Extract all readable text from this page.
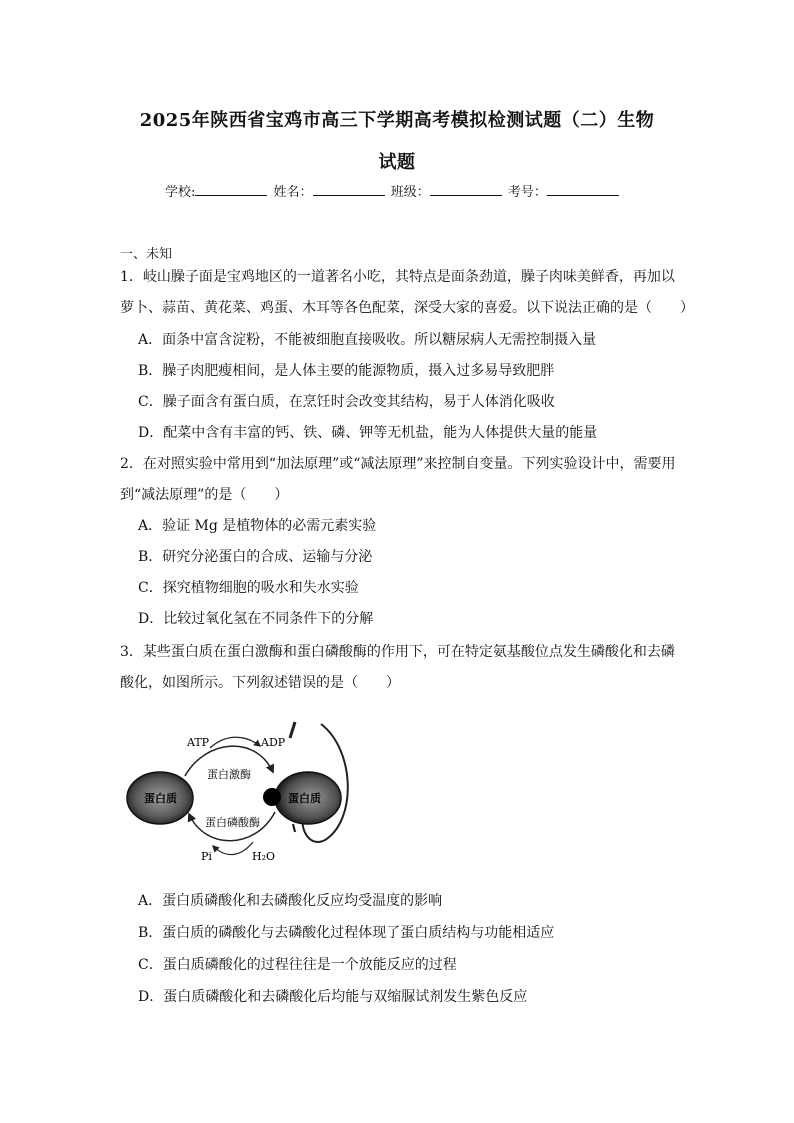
2025年陕西省宝鸡市高三下学期高考模拟检测试题（二）生物
试题
学校:	姓名：	班级：	考号：
一、未知
1．岐山臊子面是宝鸡地区的一道著名小吃，其特点是面条劲道，臊子肉味美鲜香，再加以
萝卜、蒜苗、黄花菜、鸡蛋、木耳等各色配菜，深受大家的喜爱。以下说法正确的是（　　）
A．面条中富含淀粉，不能被细胞直接吸收。所以糖尿病人无需控制摄入量
B．臊子肉肥瘦相间，是人体主要的能源物质，摄入过多易导致肥胖
C．臊子面含有蛋白质，在烹饪时会改变其结构，易于人体消化吸收
D．配菜中含有丰富的钙、铁、磷、钾等无机盐，能为人体提供大量的能量
2．在对照实验中常用到“加法原理”或“减法原理”来控制自变量。下列实验设计中，需要用
到“减法原理”的是（　　）
A．验证 Mg 是植物体的必需元素实验
B．研究分泌蛋白的合成、运输与分泌
C．探究植物细胞的吸水和失水实验
D．比较过氧化氢在不同条件下的分解
3．某些蛋白质在蛋白激酶和蛋白磷酸酶的作用下，可在特定氨基酸位点发生磷酸化和去磷
酸化，如图所示。下列叙述错误的是（　　）
ATP	ADP
蛋白激酶
蛋白磷酸酶
蛋白质	蛋白质
Pi	H₂O
A．蛋白质磷酸化和去磷酸化反应均受温度的影响
B．蛋白质的磷酸化与去磷酸化过程体现了蛋白质结构与功能相适应
C．蛋白质磷酸化的过程往往是一个放能反应的过程
D．蛋白质磷酸化和去磷酸化后均能与双缩脲试剂发生紫色反应
